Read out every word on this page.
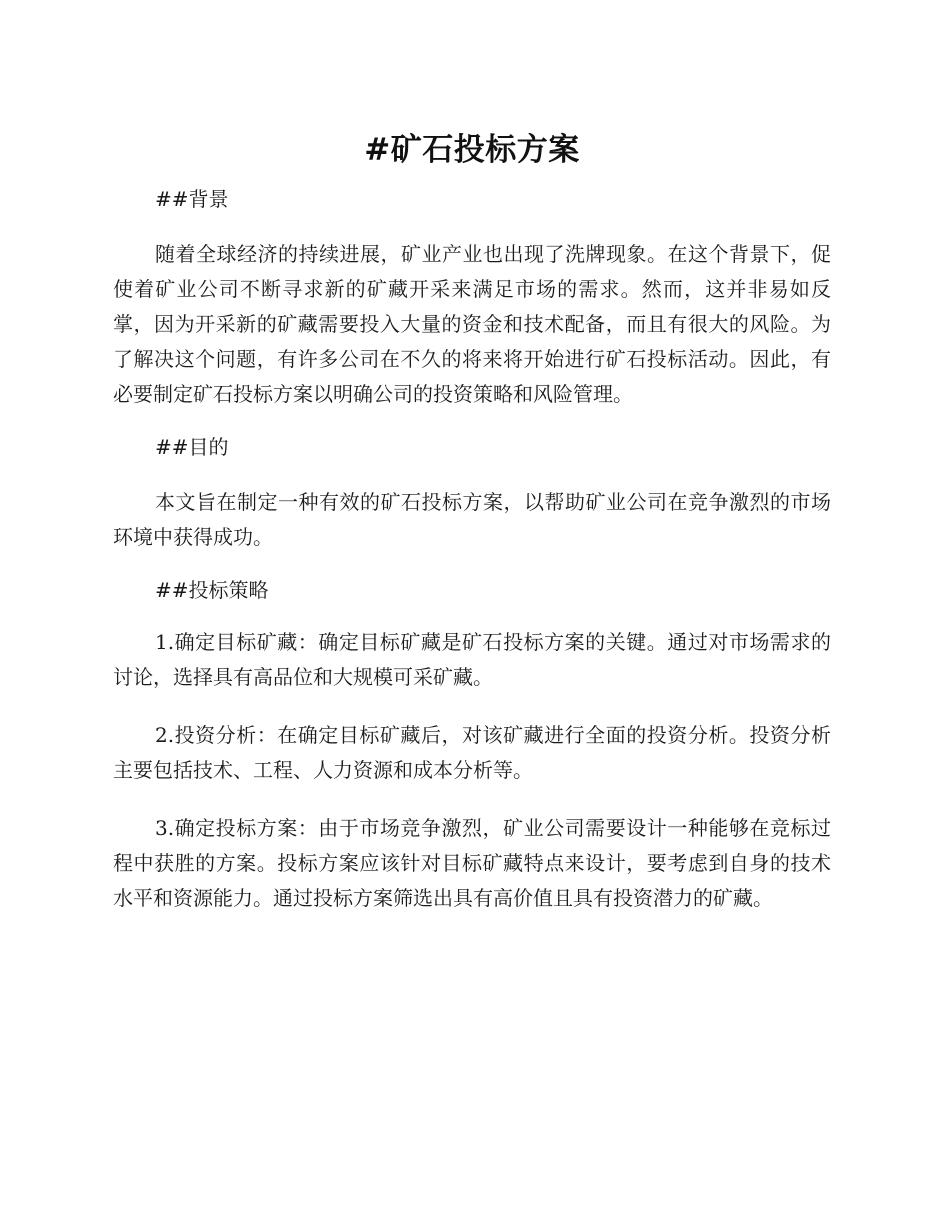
#矿石投标方案

##背景

随着全球经济的持续进展，矿业产业也出现了洗牌现象。在这个背景下，促使着矿业公司不断寻求新的矿藏开采来满足市场的需求。然而，这并非易如反掌，因为开采新的矿藏需要投入大量的资金和技术配备，而且有很大的风险。为了解决这个问题，有许多公司在不久的将来将开始进行矿石投标活动。因此，有必要制定矿石投标方案以明确公司的投资策略和风险管理。

##目的

本文旨在制定一种有效的矿石投标方案，以帮助矿业公司在竞争激烈的市场环境中获得成功。

##投标策略

1.确定目标矿藏：确定目标矿藏是矿石投标方案的关键。通过对市场需求的讨论，选择具有高品位和大规模可采矿藏。

2.投资分析：在确定目标矿藏后，对该矿藏进行全面的投资分析。投资分析主要包括技术、工程、人力资源和成本分析等。

3.确定投标方案：由于市场竞争激烈，矿业公司需要设计一种能够在竞标过程中获胜的方案。投标方案应该针对目标矿藏特点来设计，要考虑到自身的技术水平和资源能力。通过投标方案筛选出具有高价值且具有投资潜力的矿藏。
